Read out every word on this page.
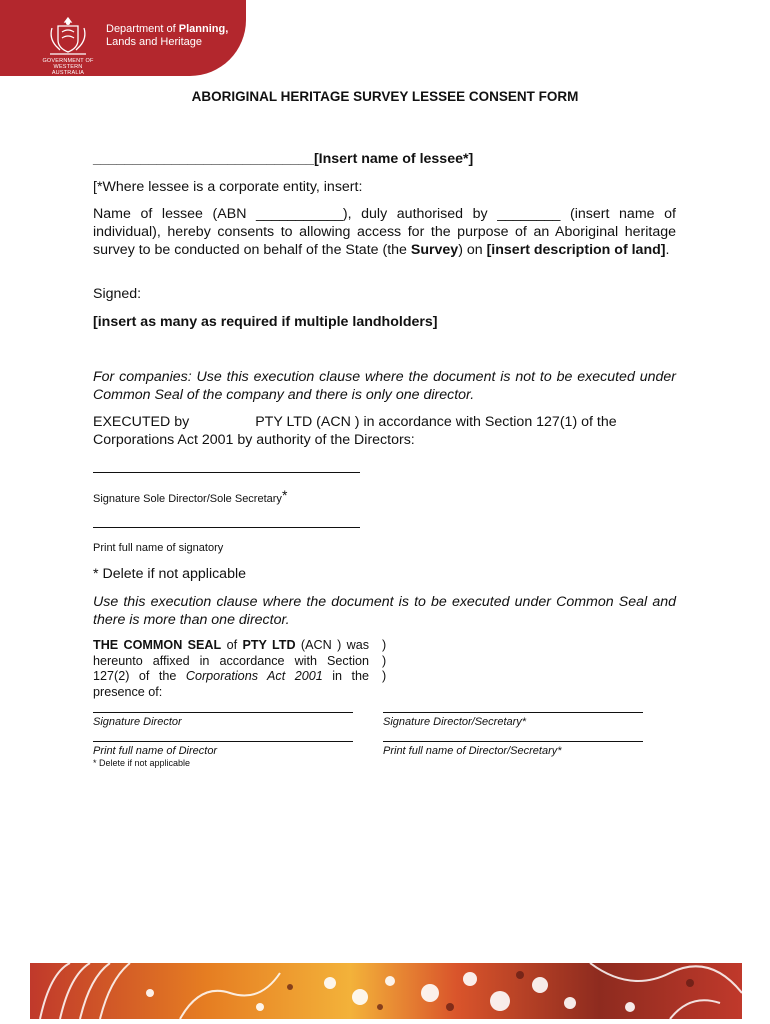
GOVERNMENT OF WESTERN AUSTRALIA
Department of Planning,
Lands and Heritage
ABORIGINAL HERITAGE SURVEY LESSEE CONSENT FORM
____________________________[Insert name of lessee*]
[*Where lessee is a corporate entity, insert:
Name of lessee (ABN ___________), duly authorised by ________ (insert name of individual), hereby consents to allowing access for the purpose of an Aboriginal heritage survey to be conducted on behalf of the State (the Survey) on [insert description of land].
Signed:
[insert as many as required if multiple landholders]
For companies: Use this execution clause where the document is not to be executed under Common Seal of the company and there is only one director.
EXECUTED by	PTY LTD (ACN ) in accordance with Section 127(1) of the Corporations Act 2001 by authority of the Directors:
Signature Sole Director/Sole Secretary*
Print full name of signatory
* Delete if not applicable
Use this execution clause where the document is to be executed under Common Seal and there is more than one director.
THE COMMON SEAL of PTY LTD (ACN ) was hereunto affixed in accordance with Section 127(2) of the Corporations Act 2001 in the presence of:
)
)
)
Signature Director	Signature Director/Secretary*
Print full name of Director	Print full name of Director/Secretary*
* Delete if not applicable
